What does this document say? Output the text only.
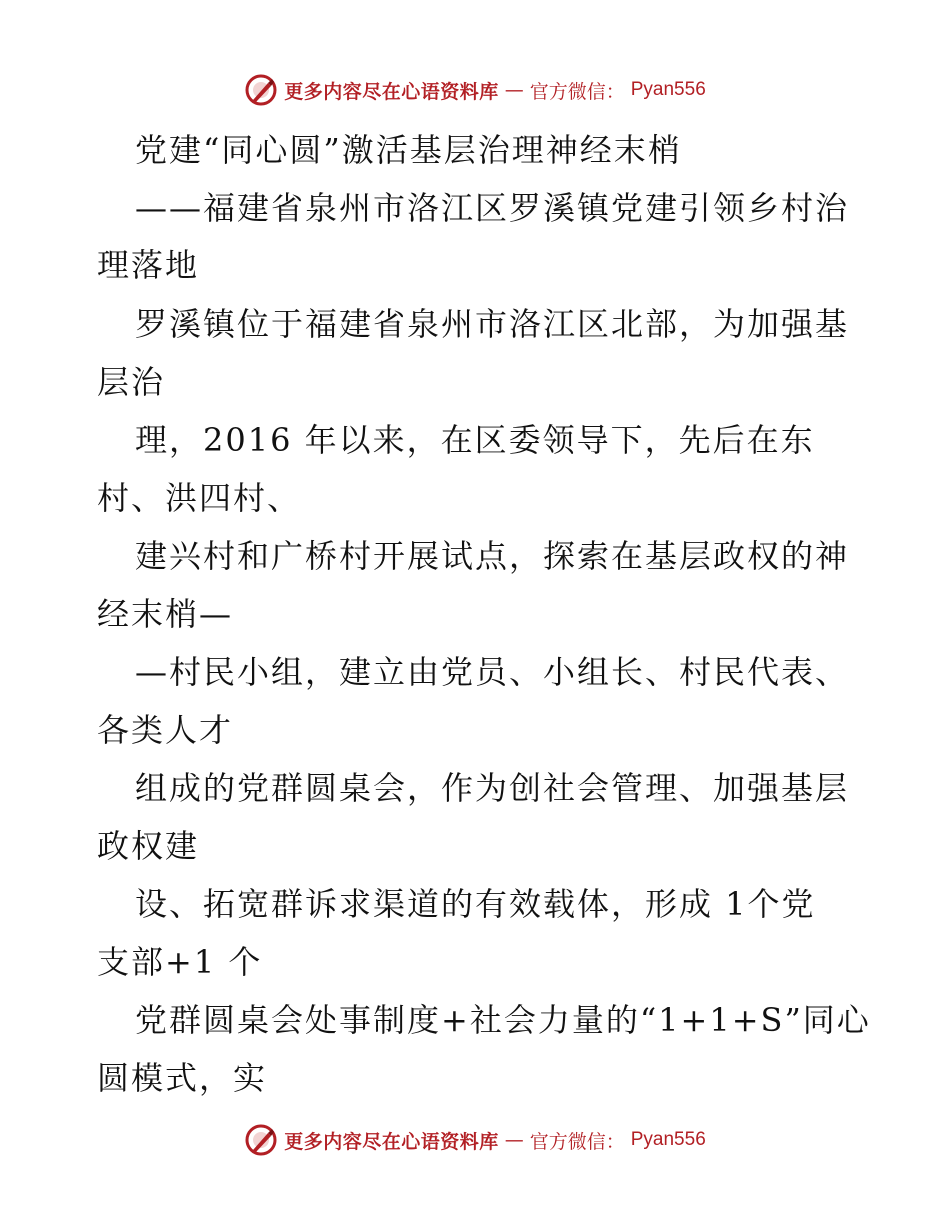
更多内容尽在心语资料库 — 官方微信： Pyan556
党建“同心圆”激活基层治理神经末梢
——福建省泉州市洛江区罗溪镇党建引领乡村治
理落地
罗溪镇位于福建省泉州市洛江区北部，为加强基
层治
理，2016 年以来，在区委领导下，先后在东
村、洪四村、
建兴村和广桥村开展试点，探索在基层政权的神
经末梢—
—村民小组，建立由党员、小组长、村民代表、
各类人才
组成的党群圆桌会，作为创社会管理、加强基层
政权建
设、拓宽群诉求渠道的有效载体，形成 1个党
支部+1 个
党群圆桌会处事制度+社会力量的“1+1+S”同心
圆模式，实
更多内容尽在心语资料库 — 官方微信： Pyan556
